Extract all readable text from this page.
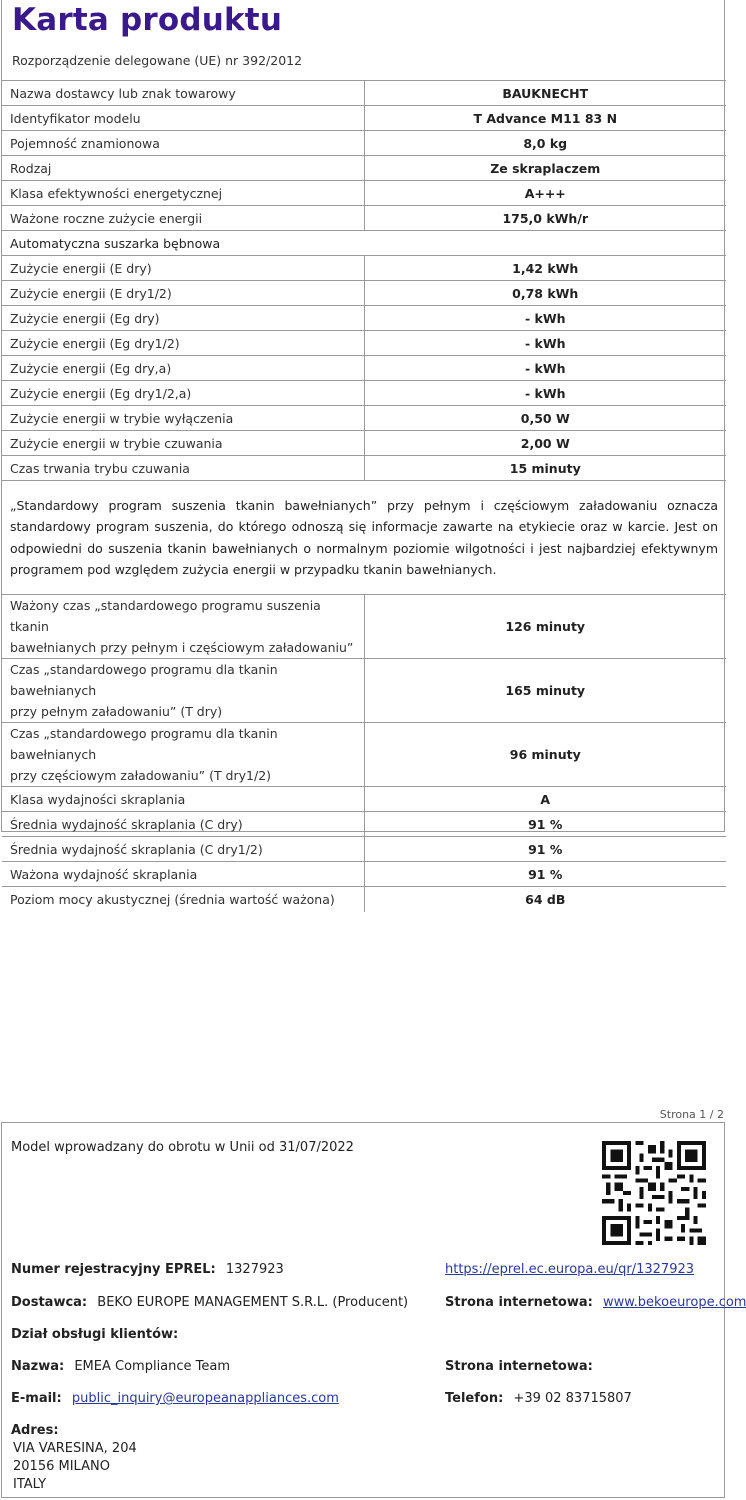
Karta produktu
Rozporządzenie delegowane (UE) nr 392/2012
Nazwa dostawcy lub znak towarowy	BAUKNECHT
Identyfikator modelu	T Advance M11 83 N
Pojemność znamionowa	8,0 kg
Rodzaj	Ze skraplaczem
Klasa efektywności energetycznej	A+++
Ważone roczne zużycie energii	175,0 kWh/r
Automatyczna suszarka bębnowa	
Zużycie energii (E dry)	1,42 kWh
Zużycie energii (E dry1/2)	0,78 kWh
Zużycie energii (Eg dry)	- kWh
Zużycie energii (Eg dry1/2)	- kWh
Zużycie energii (Eg dry,a)	- kWh
Zużycie energii (Eg dry1/2,a)	- kWh
Zużycie energii w trybie wyłączenia	0,50 W
Zużycie energii w trybie czuwania	2,00 W
Czas trwania trybu czuwania	15 minuty
„Standardowy program suszenia tkanin bawełnianych” przy pełnym i częściowym załadowaniu oznacza standardowy program suszenia, do którego odnoszą się informacje zawarte na etykiecie oraz w karcie. Jest on odpowiedni do suszenia tkanin bawełnianych o normalnym poziomie wilgotności i jest najbardziej efektywnym programem pod względem zużycia energii w przypadku tkanin bawełnianych.	

Ważony czas „standardowego programu suszenia tkanin
bawełnianych przy pełnym i częściowym załadowaniu”	126 minuty

Czas „standardowego programu dla tkanin bawełnianych
przy pełnym załadowaniu” (T dry)	165 minuty

Czas „standardowego programu dla tkanin bawełnianych
przy częściowym załadowaniu” (T dry1/2)	96 minuty
Klasa wydajności skraplania	A
Średnia wydajność skraplania (C dry)	91 %
Średnia wydajność skraplania (C dry1/2)	91 %
Ważona wydajność skraplania	91 %
Poziom mocy akustycznej (średnia wartość ważona)	64 dB
Strona 1 / 2
Model wprowadzany do obrotu w Unii od 31/07/2022
Numer rejestracyjny EPREL: 1327923	https://eprel.ec.europa.eu/qr/1327923
Dostawca: BEKO EUROPE MANAGEMENT S.R.L. (Producent)	Strona internetowa: www.bekoeurope.com
Dział obsługi klientów:
Nazwa: EMEA Compliance Team	Strona internetowa:
E-mail: public_inquiry@europeanappliances.com	Telefon: +39 02 83715807
Adres:
VIA VARESINA, 204
20156 MILANO
ITALY
